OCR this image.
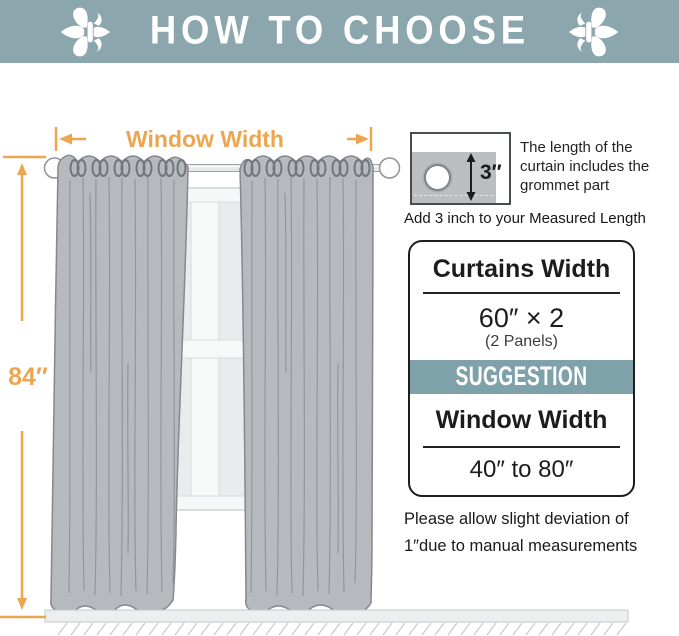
HOW TO CHOOSE
Window Width
84″
3″

The length of the curtain includes the grommet part

Add 3 inch to your Measured Length

Curtains Width
60″ × 2
(2 Panels)
SUGGESTION
Window Width
40″ to 80″

Please allow slight deviation of
1″due to manual measurements
